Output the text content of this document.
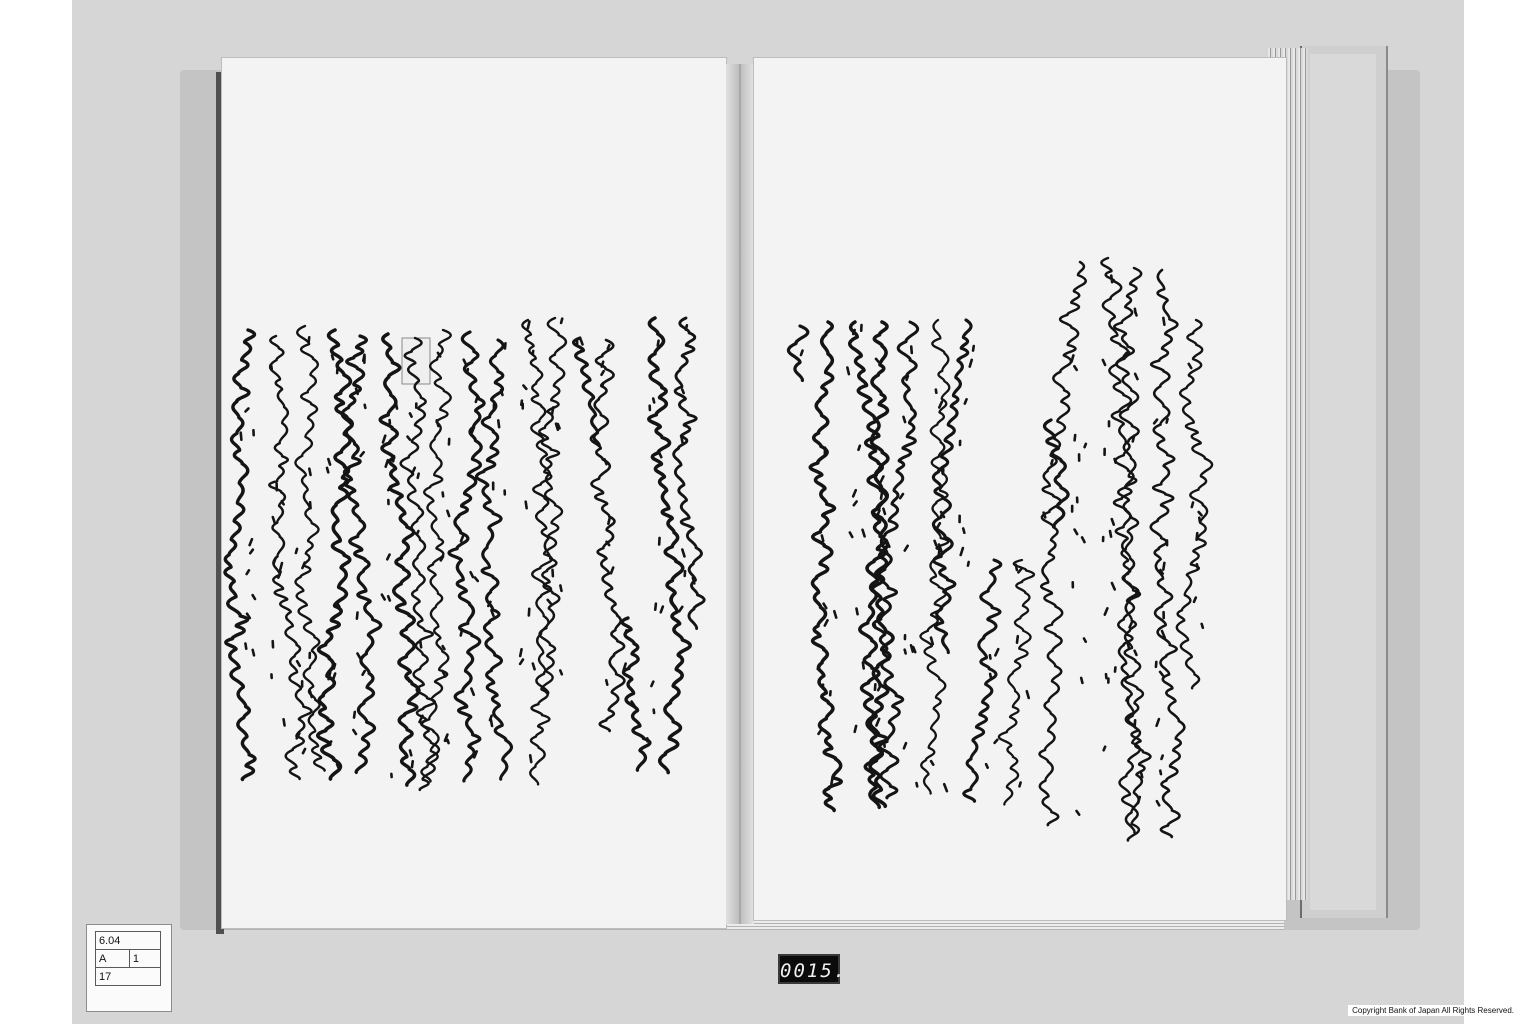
6.04
A	1
17	0015.
Copyright Bank of Japan All Rights Reserved.
